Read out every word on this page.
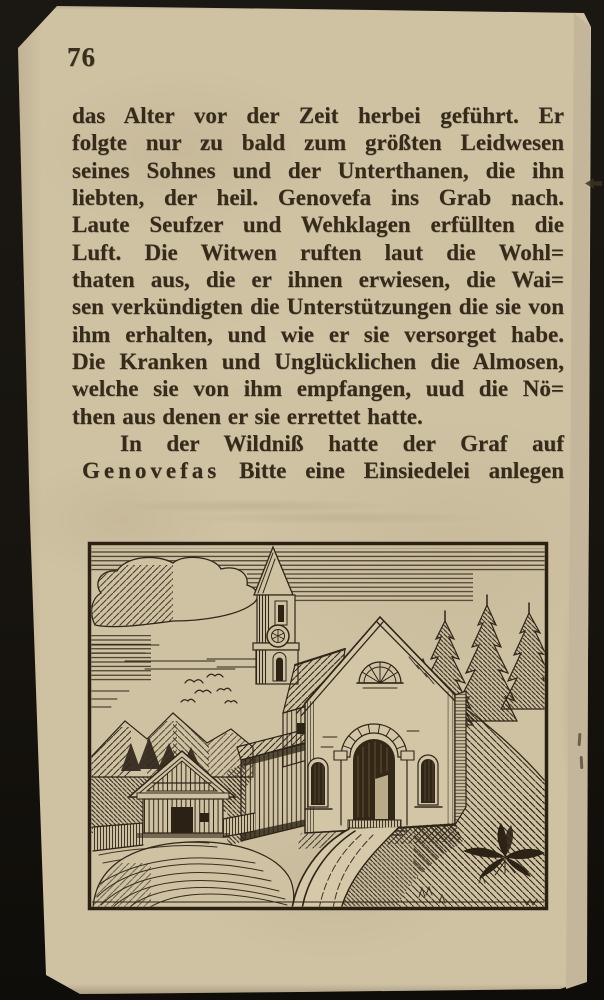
76
das Alter vor der Zeit herbei geführt. Er
folgte nur zu bald zum größten Leidwesen
seines Sohnes und der Unterthanen, die ihn
liebten, der heil. Genovefa ins Grab nach.
Laute Seufzer und Wehklagen erfüllten die
Luft. Die Witwen ruften laut die Wohl=
thaten aus, die er ihnen erwiesen, die Wai=
sen verkündigten die Unterstützungen die sie von
ihm erhalten, und wie er sie versorget habe.
Die Kranken und Unglücklichen die Almosen,
welche sie von ihm empfangen, uud die Nö=
then aus denen er sie errettet hatte.
In der Wildniß hatte der Graf auf
Genovefas Bitte eine Einsiedelei anlegen
